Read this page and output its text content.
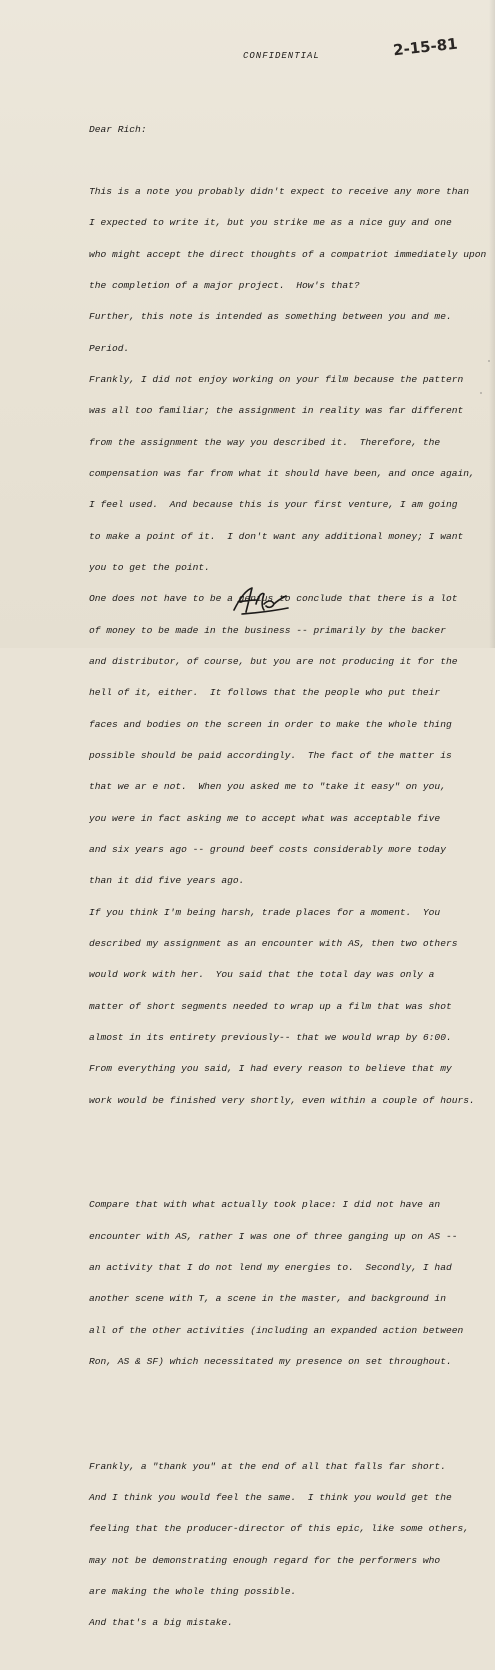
CONFIDENTIAL	2-15-81
Dear Rich:

This is a note you probably didn't expect to receive any more than

I expected to write it, but you strike me as a nice guy and one

who might accept the direct thoughts of a compatriot immediately upon

the completion of a major project.  How's that?

Further, this note is intended as something between you and me.

Period.

Frankly, I did not enjoy working on your film because the pattern

was all too familiar; the assignment in reality was far different

from the assignment the way you described it.  Therefore, the

compensation was far from what it should have been, and once again,

I feel used.  And because this is your first venture, I am going

to make a point of it.  I don't want any additional money; I want

you to get the point.

One does not have to be a genius to conclude that there is a lot

of money to be made in the business -- primarily by the backer

and distributor, of course, but you are not producing it for the

hell of it, either.  It follows that the people who put their

faces and bodies on the screen in order to make the whole thing

possible should be paid accordingly.  The fact of the matter is

that we ar e not.  When you asked me to "take it easy" on you,

you were in fact asking me to accept what was acceptable five

and six years ago -- ground beef costs considerably more today

than it did five years ago.

If you think I'm being harsh, trade places for a moment.  You

described my assignment as an encounter with AS, then two others

would work with her.  You said that the total day was only a

matter of short segments needed to wrap up a film that was shot

almost in its entirety previously-- that we would wrap by 6:00.

From everything you said, I had every reason to believe that my

work would be finished very shortly, even within a couple of hours.

Compare that with what actually took place: I did not have an

encounter with AS, rather I was one of three ganging up on AS --

an activity that I do not lend my energies to.  Secondly, I had

another scene with T, a scene in the master, and background in

all of the other activities (including an expanded action between

Ron, AS & SF) which necessitated my presence on set throughout.

Frankly, a "thank you" at the end of all that falls far short.

And I think you would feel the same.  I think you would get the

feeling that the producer-director of this epic, like some others,

may not be demonstrating enough regard for the performers who

are making the whole thing possible.

And that's a big mistake.
